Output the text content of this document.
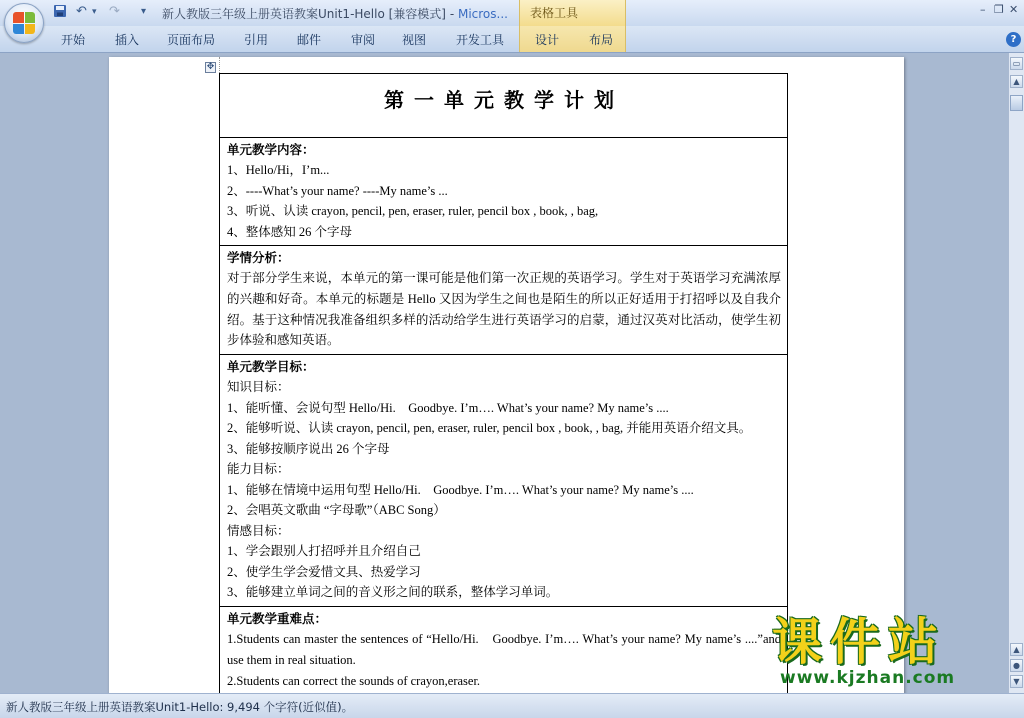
表格工具
↶ ▾ ↷ ▾ 新人教版三年级上册英语教案Unit1-Hello [兼容模式] - Micros...	– ❐ ✕
开始 插入 页面布局 引用 邮件 审阅 视图 开发工具	设计 布局	?
✥
第一单元教学计划

单元教学内容：
1、Hello/Hi，I’m...
2、----What’s your name? ----My name’s ...
3、听说、认读 crayon, pencil, pen, eraser, ruler, pencil box , book, , bag,
4、整体感知 26 个字母

学情分析：
对于部分学生来说，本单元的第一课可能是他们第一次正规的英语学习。学生对于英语学习充满浓厚的兴趣和好奇。本单元的标题是 Hello 又因为学生之间也是陌生的所以正好适用于打招呼以及自我介绍。基于这种情况我准备组织多样的活动给学生进行英语学习的启蒙，通过汉英对比活动，使学生初步体验和感知英语。

单元教学目标：
知识目标：
1、能听懂、会说句型 Hello/Hi.　Goodbye. I’m…. What’s your name? My name’s ....
2、能够听说、认读 crayon, pencil, pen, eraser, ruler, pencil box , book, , bag, 并能用英语介绍文具。
3、能够按顺序说出 26 个字母
能力目标：
1、能够在情境中运用句型 Hello/Hi.　Goodbye. I’m…. What’s your name? My name’s ....
2、会唱英文歌曲 “字母歌”（ABC Song）
情感目标：
1、学会跟别人打招呼并且介绍自己
2、使学生学会爱惜文具、热爱学习
3、能够建立单词之间的音义形之间的联系，整体学习单词。

单元教学重难点：
1.Students can master the sentences of “Hello/Hi.　Goodbye. I’m…. What’s your name? My name’s ....”and use them in real situation.
2.Students can correct the sounds of crayon,eraser.
▭
▲
▲
●
▼
新人教版三年级上册英语教案Unit1-Hello: 9,494 个字符(近似值)。
课件站
www.kjzhan.com
